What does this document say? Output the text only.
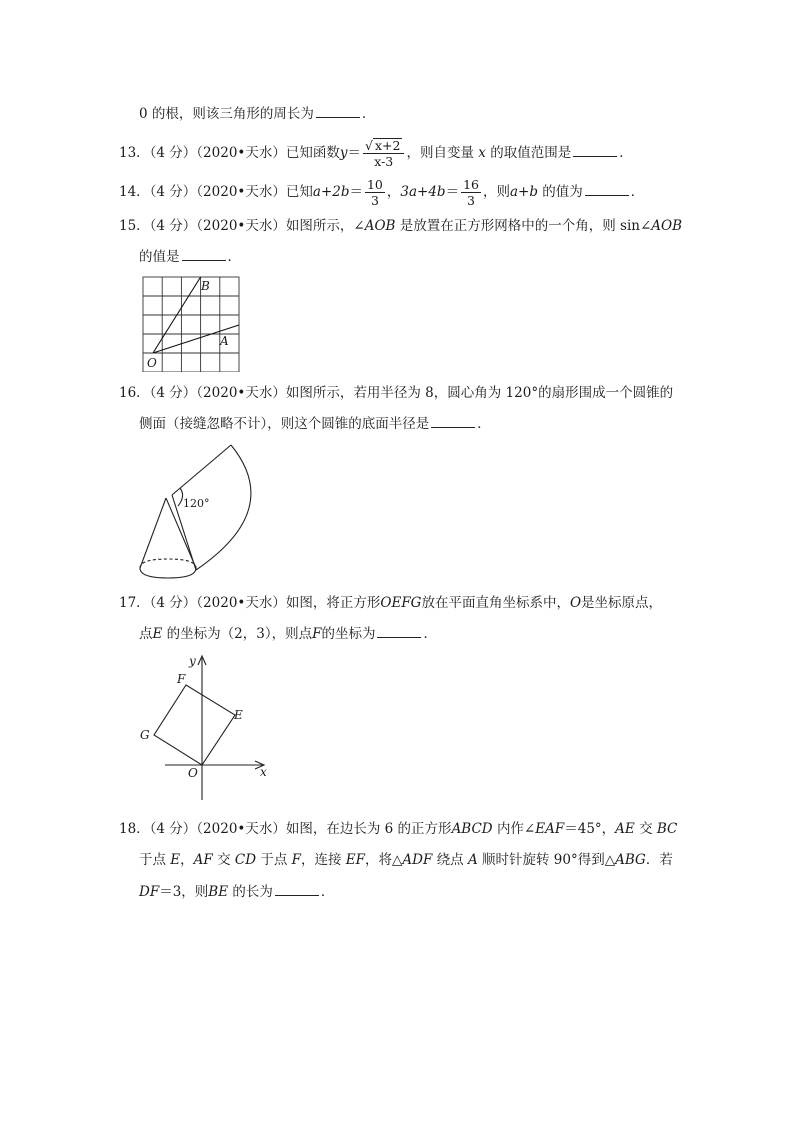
0 的根，则该三角形的周长为	．
13．（4 分）（2020•天水）已知函数$y= \frac{√ x+2}{x-3}$ ，则自变量 x 的取值范围是	．
14．（4 分）（2020•天水）已知$a+2b= \frac{10}{3}$ ，$3a+4b= \frac{16}{3}$ ，则a+b 的值为	．
15．（4 分）（2020•天水）如图所示，∠AOB 是放置在正方形网格中的一个角，则 sin∠AOB
的值是	．
B
A
O
16．（4 分）（2020•天水）如图所示，若用半径为 8，圆心角为 120°的扇形围成一个圆锥的
侧面（接缝忽略不计），则这个圆锥的底面半径是	．
120°
17．（4 分）（2020•天水）如图，将正方形OEFG放在平面直角坐标系中，O是坐标原点，
点E 的坐标为（2，3），则点F的坐标为	．
y
x
F
E
G
O
18．（4 分）（2020•天水）如图，在边长为 6 的正方形ABCD 内作∠EAF＝45°，AE 交 BC
于点 E，AF 交 CD 于点 F，连接 EF，将△ADF 绕点 A 顺时针旋转 90°得到△ABG．若
DF＝3，则BE 的长为	．
